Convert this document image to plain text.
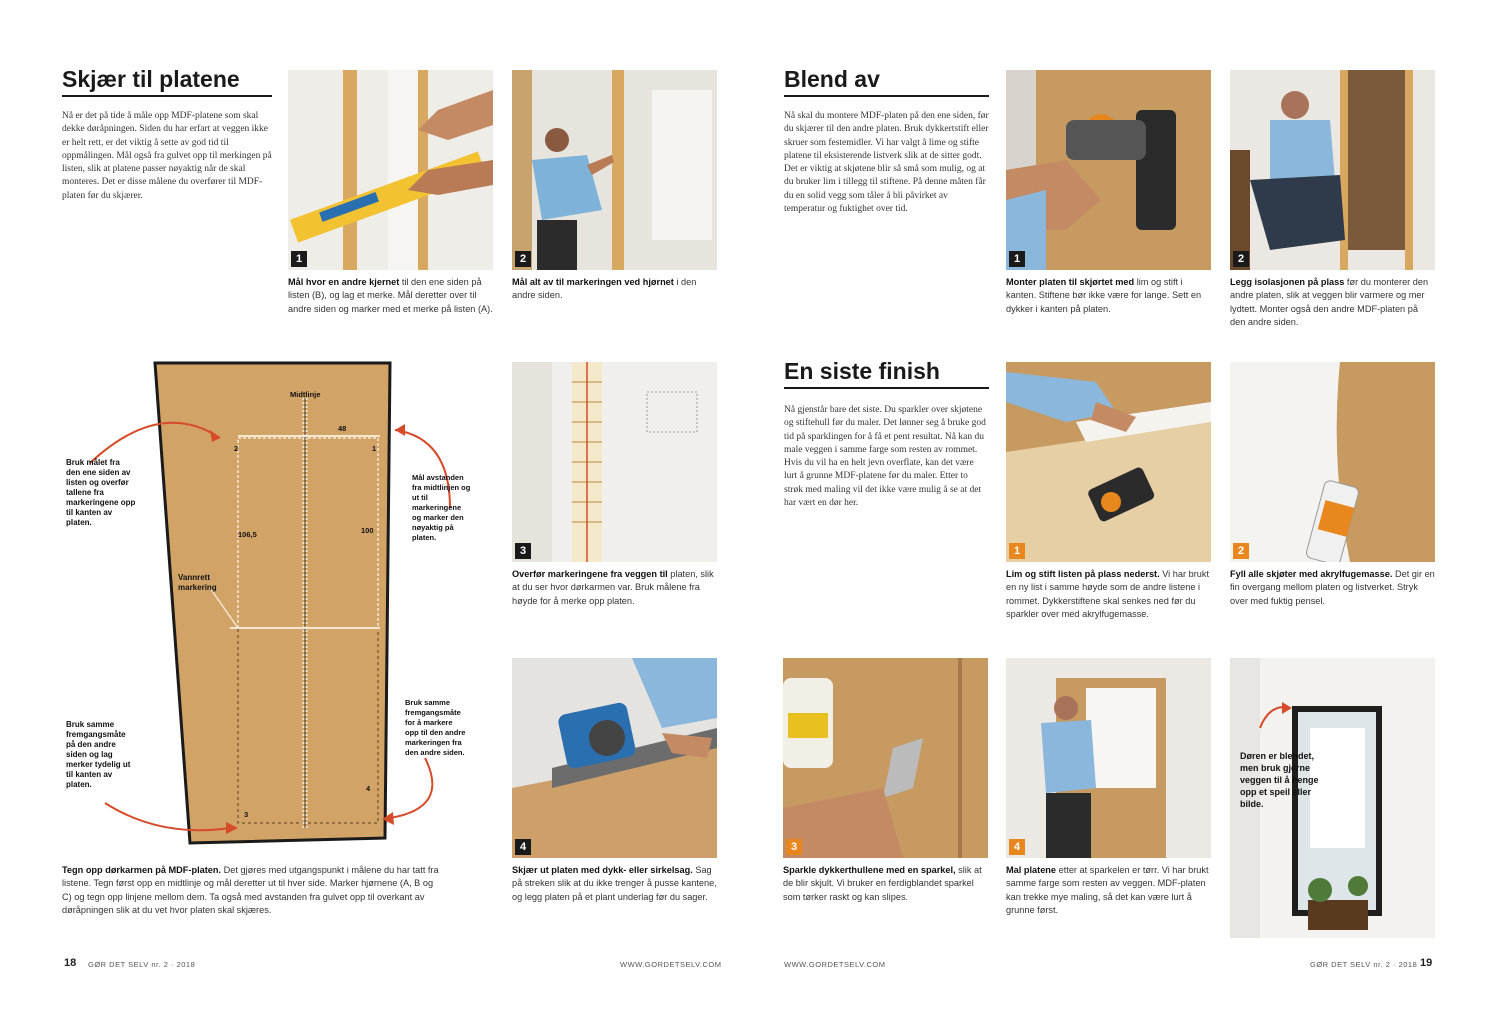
Skjær til platene
Nå er det på tide å måle opp MDF-platene som skal dekke døråpningen. Siden du har erfart at veggen ikke er helt rett, er det viktig å sette av god tid til oppmålingen. Mål også fra gulvet opp til merkingen på listen, slik at platene passer nøyaktig når de skal monteres. Det er disse målene du overfører til MDF-platen før du skjærer.
1
Mål hvor en andre kjernet til den ene siden på listen (B), og lag et merke. Mål deretter over til andre siden og marker med et merke på listen (A).
2
Mål alt av til markeringen ved hjørnet i den andre siden.
Midtlinje
48
106,5	100
2	1
3
4
Bruk målet fra den ene siden av listen og overfør tallene fra markeringene opp til kanten av platen.
Vannrett markering
Mål avstanden fra midtlinjen og ut til markeringene og marker den nøyaktig på platen.
Bruk samme fremgangsmåte på den andre siden og lag merker tydelig ut til kanten av platen.
Bruk samme fremgangsmåte for å markere opp til den andre markeringen fra den andre siden.
Tegn opp dørkarmen på MDF-platen. Det gjøres med utgangspunkt i målene du har tatt fra listene. Tegn først opp en midtlinje og mål deretter ut til hver side. Marker hjørnene (A, B og C) og tegn opp linjene mellom dem. Ta også med avstanden fra gulvet opp til overkant av døråpningen slik at du vet hvor platen skal skjæres.
3
Overfør markeringene fra veggen til platen, slik at du ser hvor dørkarmen var. Bruk målene fra høyde for å merke opp platen.
4
Skjær ut platen med dykk- eller sirkelsag. Sag på streken slik at du ikke trenger å pusse kantene, og legg platen på et plant underlag før du sager.
18 GØR DET SELV nr. 2 · 2018	WWW.GORDETSELV.COM
Blend av
Nå skal du montere MDF-platen på den ene siden, før du skjærer til den andre platen. Bruk dykkertstift eller skruer som festemidler. Vi har valgt å lime og stifte platene til eksisterende listverk slik at de sitter godt. Det er viktig at skjøtene blir så små som mulig, og at du bruker lim i tillegg til stiftene. På denne måten får du en solid vegg som tåler å bli påvirket av temperatur og fuktighet over tid.
1
Monter platen til skjørtet med lim og stift i kanten. Stiftene bør ikke være for lange. Sett en dykker i kanten på platen.
2
Legg isolasjonen på plass før du monterer den andre platen, slik at veggen blir varmere og mer lydtett. Monter også den andre MDF-platen på den andre siden.
En siste finish
Nå gjenstår bare det siste. Du sparkler over skjøtene og stiftehull før du maler. Det lønner seg å bruke god tid på sparklingen for å få et pent resultat. Nå kan du male veggen i samme farge som resten av rommet. Hvis du vil ha en helt jevn overflate, kan det være lurt å grunne MDF-platene før du maler. Etter to strøk med maling vil det ikke være mulig å se at det har vært en dør her.
1
Lim og stift listen på plass nederst. Vi har brukt en ny list i samme høyde som de andre listene i rommet. Dykkerstiftene skal senkes ned før du sparkler over med akrylfugemasse.
2
Fyll alle skjøter med akrylfugemasse. Det gir en fin overgang mellom platen og listverket. Stryk over med fuktig pensel.
3
Sparkle dykkerthullene med en sparkel, slik at de blir skjult. Vi bruker en ferdigblandet sparkel som tørker raskt og kan slipes.
4
Mal platene etter at sparkelen er tørr. Vi har brukt samme farge som resten av veggen. MDF-platen kan trekke mye maling, så det kan være lurt å grunne først.
Døren er blendet, men bruk gjerne veggen til å henge opp et speil eller bilde.
WWW.GORDETSELV.COM	GØR DET SELV nr. 2 · 2018 19
